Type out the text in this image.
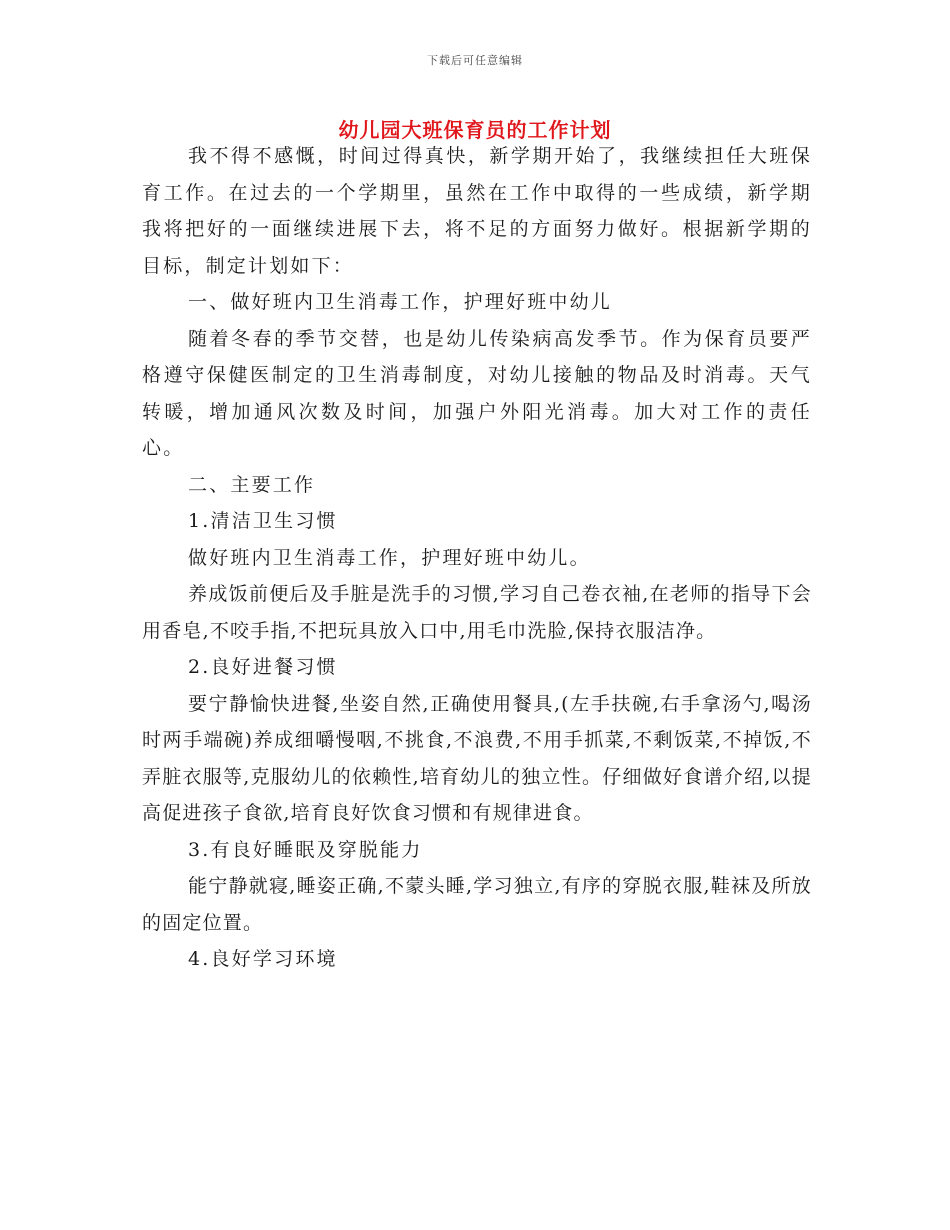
下载后可任意编辑
幼儿园大班保育员的工作计划

我不得不感慨，时间过得真快，新学期开始了，我继续担任大班保育工作。在过去的一个学期里，虽然在工作中取得的一些成绩，新学期我将把好的一面继续进展下去，将不足的方面努力做好。根据新学期的目标，制定计划如下：

一、做好班内卫生消毒工作，护理好班中幼儿

随着冬春的季节交替，也是幼儿传染病高发季节。作为保育员要严格遵守保健医制定的卫生消毒制度，对幼儿接触的物品及时消毒。天气转暖，增加通风次数及时间，加强户外阳光消毒。加大对工作的责任心。

二、主要工作

1.清洁卫生习惯

做好班内卫生消毒工作，护理好班中幼儿。

养成饭前便后及手脏是洗手的习惯,学习自己卷衣袖,在老师的指导下会用香皂,不咬手指,不把玩具放入口中,用毛巾洗脸,保持衣服洁净。

2.良好进餐习惯

要宁静愉快进餐,坐姿自然,正确使用餐具,(左手扶碗,右手拿汤勺,喝汤时两手端碗)养成细嚼慢咽,不挑食,不浪费,不用手抓菜,不剩饭菜,不掉饭,不弄脏衣服等,克服幼儿的依赖性,培育幼儿的独立性。仔细做好食谱介绍,以提高促进孩子食欲,培育良好饮食习惯和有规律进食。

3.有良好睡眠及穿脱能力

能宁静就寝,睡姿正确,不蒙头睡,学习独立,有序的穿脱衣服,鞋袜及所放的固定位置。

4.良好学习环境
